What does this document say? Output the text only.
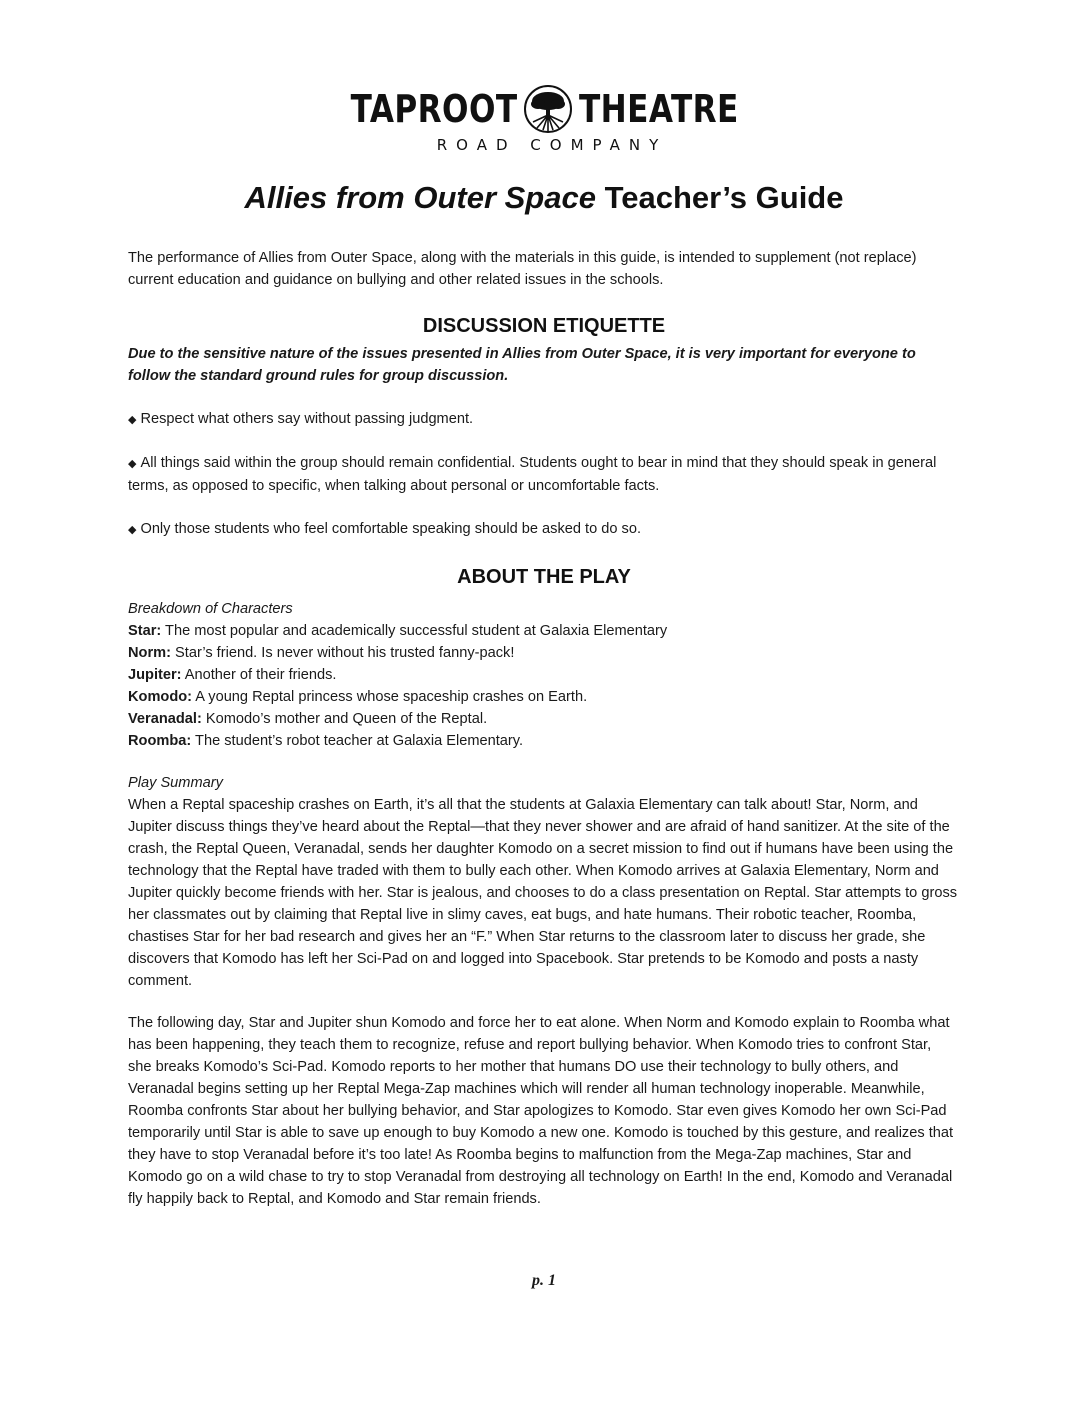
TAPROOT THEATRE
ROAD COMPANY
Allies from Outer Space Teacher’s Guide
The performance of Allies from Outer Space, along with the materials in this guide, is intended to supplement (not replace) current education and guidance on bullying and other related issues in the schools.
DISCUSSION ETIQUETTE
Due to the sensitive nature of the issues presented in Allies from Outer Space, it is very important for everyone to follow the standard ground rules for group discussion.
◆ Respect what others say without passing judgment.
◆ All things said within the group should remain confidential. Students ought to bear in mind that they should speak in general terms, as opposed to specific, when talking about personal or uncomfortable facts.
◆ Only those students who feel comfortable speaking should be asked to do so.
ABOUT THE PLAY
Breakdown of Characters
Star: The most popular and academically successful student at Galaxia Elementary
Norm: Star’s friend. Is never without his trusted fanny-pack!
Jupiter: Another of their friends.
Komodo: A young Reptal princess whose spaceship crashes on Earth.
Veranadal: Komodo’s mother and Queen of the Reptal.
Roomba: The student’s robot teacher at Galaxia Elementary.
Play Summary
When a Reptal spaceship crashes on Earth, it’s all that the students at Galaxia Elementary can talk about! Star, Norm, and Jupiter discuss things they’ve heard about the Reptal—that they never shower and are afraid of hand sanitizer. At the site of the crash, the Reptal Queen, Veranadal, sends her daughter Komodo on a secret mission to find out if humans have been using the technology that the Reptal have traded with them to bully each other. When Komodo arrives at Galaxia Elementary, Norm and Jupiter quickly become friends with her. Star is jealous, and chooses to do a class presentation on Reptal. Star attempts to gross her classmates out by claiming that Reptal live in slimy caves, eat bugs, and hate humans. Their robotic teacher, Roomba, chastises Star for her bad research and gives her an “F.” When Star returns to the classroom later to discuss her grade, she discovers that Komodo has left her Sci-Pad on and logged into Spacebook. Star pretends to be Komodo and posts a nasty comment.
The following day, Star and Jupiter shun Komodo and force her to eat alone. When Norm and Komodo explain to Roomba what has been happening, they teach them to recognize, refuse and report bullying behavior. When Komodo tries to confront Star, she breaks Komodo’s Sci-Pad. Komodo reports to her mother that humans DO use their technology to bully others, and Veranadal begins setting up her Reptal Mega-Zap machines which will render all human technology inoperable. Meanwhile, Roomba confronts Star about her bullying behavior, and Star apologizes to Komodo. Star even gives Komodo her own Sci-Pad temporarily until Star is able to save up enough to buy Komodo a new one. Komodo is touched by this gesture, and realizes that they have to stop Veranadal before it’s too late! As Roomba begins to malfunction from the Mega-Zap machines, Star and Komodo go on a wild chase to try to stop Veranadal from destroying all technology on Earth! In the end, Komodo and Veranadal fly happily back to Reptal, and Komodo and Star remain friends.
p. 1
